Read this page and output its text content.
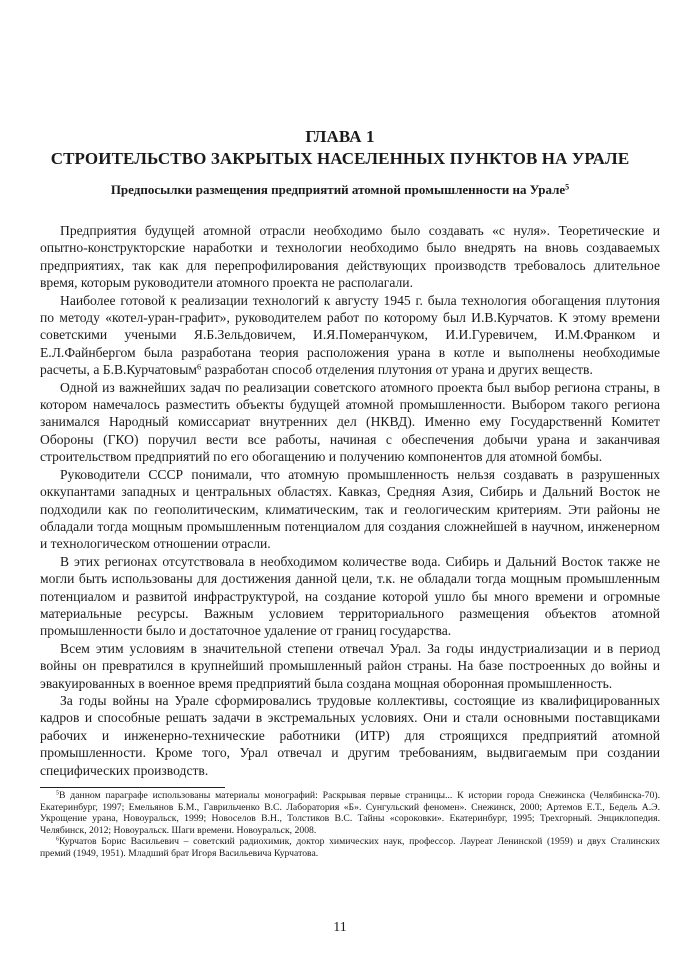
ГЛАВА 1
СТРОИТЕЛЬСТВО ЗАКРЫТЫХ НАСЕЛЕННЫХ ПУНКТОВ НА УРАЛЕ
Предпосылки размещения предприятий атомной промышленности на Урале$^5$

Предприятия будущей атомной отрасли необходимо было создавать «с нуля». Теоретические и опытно-конструкторские наработки и технологии необходимо было внедрять на вновь создаваемых предприятиях, так как для перепрофилирования действующих производств требовалось длительное время, которым руководители атомного проекта не располагали.

Наиболее готовой к реализации технологий к августу 1945 г. была технология обогащения плутония по методу «котел-уран-графит», руководителем работ по которому был И.В.Курчатов. К этому времени советскими учеными Я.Б.Зельдовичем, И.Я.Померанчуком, И.И.Гуревичем, И.М.Франком и Е.Л.Файнбергом была разработана теория расположения урана в котле и выполнены необходимые расчеты, а Б.В.Курчатовым$^6$ разработан способ отделения плутония от урана и других веществ.

Одной из важнейших задач по реализации советского атомного проекта был выбор региона страны, в котором намечалось разместить объекты будущей атомной промышленности. Выбором такого региона занимался Народный комиссариат внутренних дел (НКВД). Именно ему Государственнй Комитет Обороны (ГКО) поручил вести все работы, начиная с обеспечения добычи урана и заканчивая строительством предприятий по его обогащению и получению компонентов для атомной бомбы.

Руководители СССР понимали, что атомную промышленность нельзя создавать в разрушенных оккупантами западных и центральных областях. Кавказ, Средняя Азия, Сибирь и Дальний Восток не подходили как по геополитическим, климатическим, так и геологическим критериям. Эти районы не обладали тогда мощным промышленным потенциалом для создания сложнейшей в научном, инженерном и технологическом отношении отрасли.

В этих регионах отсутствовала в необходимом количестве вода. Сибирь и Дальний Восток также не могли быть использованы для достижения данной цели, т.к. не обладали тогда мощным промышленным потенциалом и развитой инфраструктурой, на создание которой ушло бы много времени и огромные материальные ресурсы. Важным условием территориального размещения объектов атомной промышленности было и достаточное удаление от границ государства.

Всем этим условиям в значительной степени отвечал Урал. За годы индустриализации и в период войны он превратился в крупнейший промышленный район страны. На базе построенных до войны и эвакуированных в военное время предприятий была создана мощная оборонная промышленность.

За годы войны на Урале сформировались трудовые коллективы, состоящие из квалифицированных кадров и способные решать задачи в экстремальных условиях. Они и стали основными поставщиками рабочих и инженерно-технические работники (ИТР) для строящихся предприятий атомной промышленности. Кроме того, Урал отвечал и другим требованиям, выдвигаемым при создании специфических производств.

$^5$В данном параграфе использованы материалы монографий: Раскрывая первые страницы... К истории города Снежинска (Челябинска-70). Екатеринбург, 1997; Емельянов Б.М., Гаврильченко В.С. Лаборатория «Б». Сунгульский феномен». Снежинск, 2000; Артемов Е.Т., Бедель А.Э. Укрощение урана, Новоуральск, 1999; Новоселов В.Н., Толстиков В.С. Тайны «сороковки». Екатеринбург, 1995; Трехгорный. Энциклопедия. Челябинск, 2012; Новоуральск. Шаги времени. Новоуральск, 2008.

$^6$Курчатов Борис Васильевич – советский радиохимик, доктор химических наук, профессор. Лауреат Ленинской (1959) и двух Сталинских премий (1949, 1951). Младший брат Игоря Васильевича Курчатова.

11
